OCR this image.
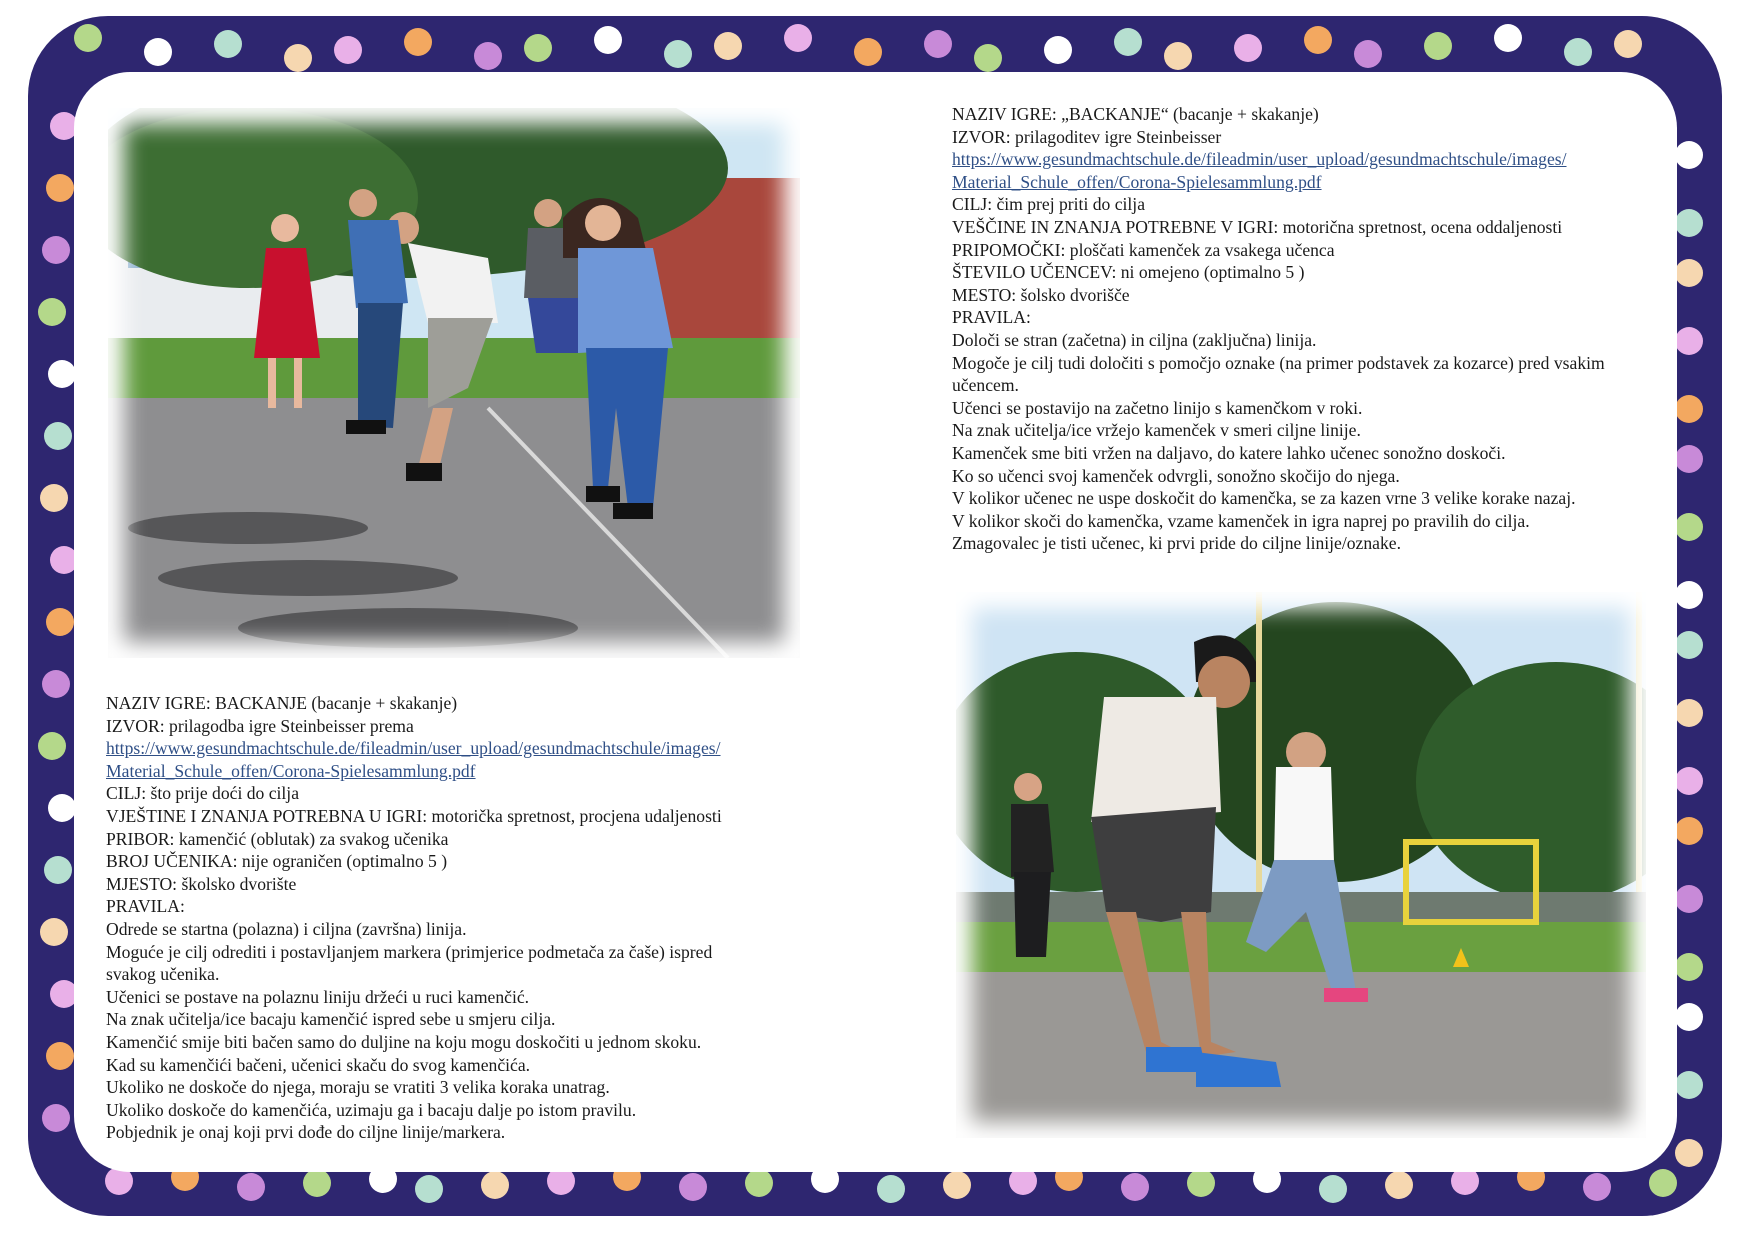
NAZIV IGRE: BACKANJE (bacanje + skakanje)
IZVOR: prilagodba igre Steinbeisser prema
https://www.gesundmachtschule.de/fileadmin/user_upload/gesundmachtschule/images/
Material_Schule_offen/Corona-Spielesammlung.pdf
CILJ: što prije doći do cilja
VJEŠTINE I ZNANJA POTREBNA U IGRI: motorička spretnost, procjena udaljenosti
PRIBOR: kamenčić (oblutak) za svakog učenika
BROJ UČENIKA: nije ograničen (optimalno 5 )
MJESTO: školsko dvorište
PRAVILA:
Odrede se startna (polazna) i ciljna (završna) linija.
Moguće je cilj odrediti i postavljanjem markera (primjerice podmetača za čaše) ispred
svakog učenika.
Učenici se postave na polaznu liniju držeći u ruci kamenčić.
Na znak učitelja/ice bacaju kamenčić ispred sebe u smjeru cilja.
Kamenčić smije biti bačen samo do duljine na koju mogu doskočiti u jednom skoku.
Kad su kamenčići bačeni, učenici skaču do svog kamenčića.
Ukoliko ne doskoče do njega, moraju se vratiti 3 velika koraka unatrag.
Ukoliko doskoče do kamenčića, uzimaju ga i bacaju dalje po istom pravilu.
Pobjednik je onaj koji prvi dođe do ciljne linije/markera.
NAZIV IGRE: „BACKANJE“ (bacanje + skakanje)
IZVOR: prilagoditev igre Steinbeisser
https://www.gesundmachtschule.de/fileadmin/user_upload/gesundmachtschule/images/
Material_Schule_offen/Corona-Spielesammlung.pdf
CILJ: čim prej priti do cilja
VEŠČINE IN ZNANJA POTREBNE V IGRI: motorična spretnost, ocena oddaljenosti
PRIPOMOČKI: ploščati kamenček za vsakega učenca
ŠTEVILO UČENCEV: ni omejeno (optimalno 5 )
MESTO: šolsko dvorišče
PRAVILA:
Določi se stran (začetna) in ciljna (zaključna) linija.
Mogoče je cilj tudi določiti s pomočjo oznake (na primer podstavek za kozarce) pred vsakim
učencem.
Učenci se postavijo na začetno linijo s kamenčkom v roki.
Na znak učitelja/ice vržejo kamenček v smeri ciljne linije.
Kamenček sme biti vržen na daljavo, do katere lahko učenec sonožno doskoči.
Ko so učenci svoj kamenček odvrgli, sonožno skočijo do njega.
V kolikor učenec ne uspe doskočit do kamenčka, se za kazen vrne 3 velike korake nazaj.
V kolikor skoči do kamenčka, vzame kamenček in igra naprej po pravilih do cilja.
Zmagovalec je tisti učenec, ki prvi pride do ciljne linije/oznake.
